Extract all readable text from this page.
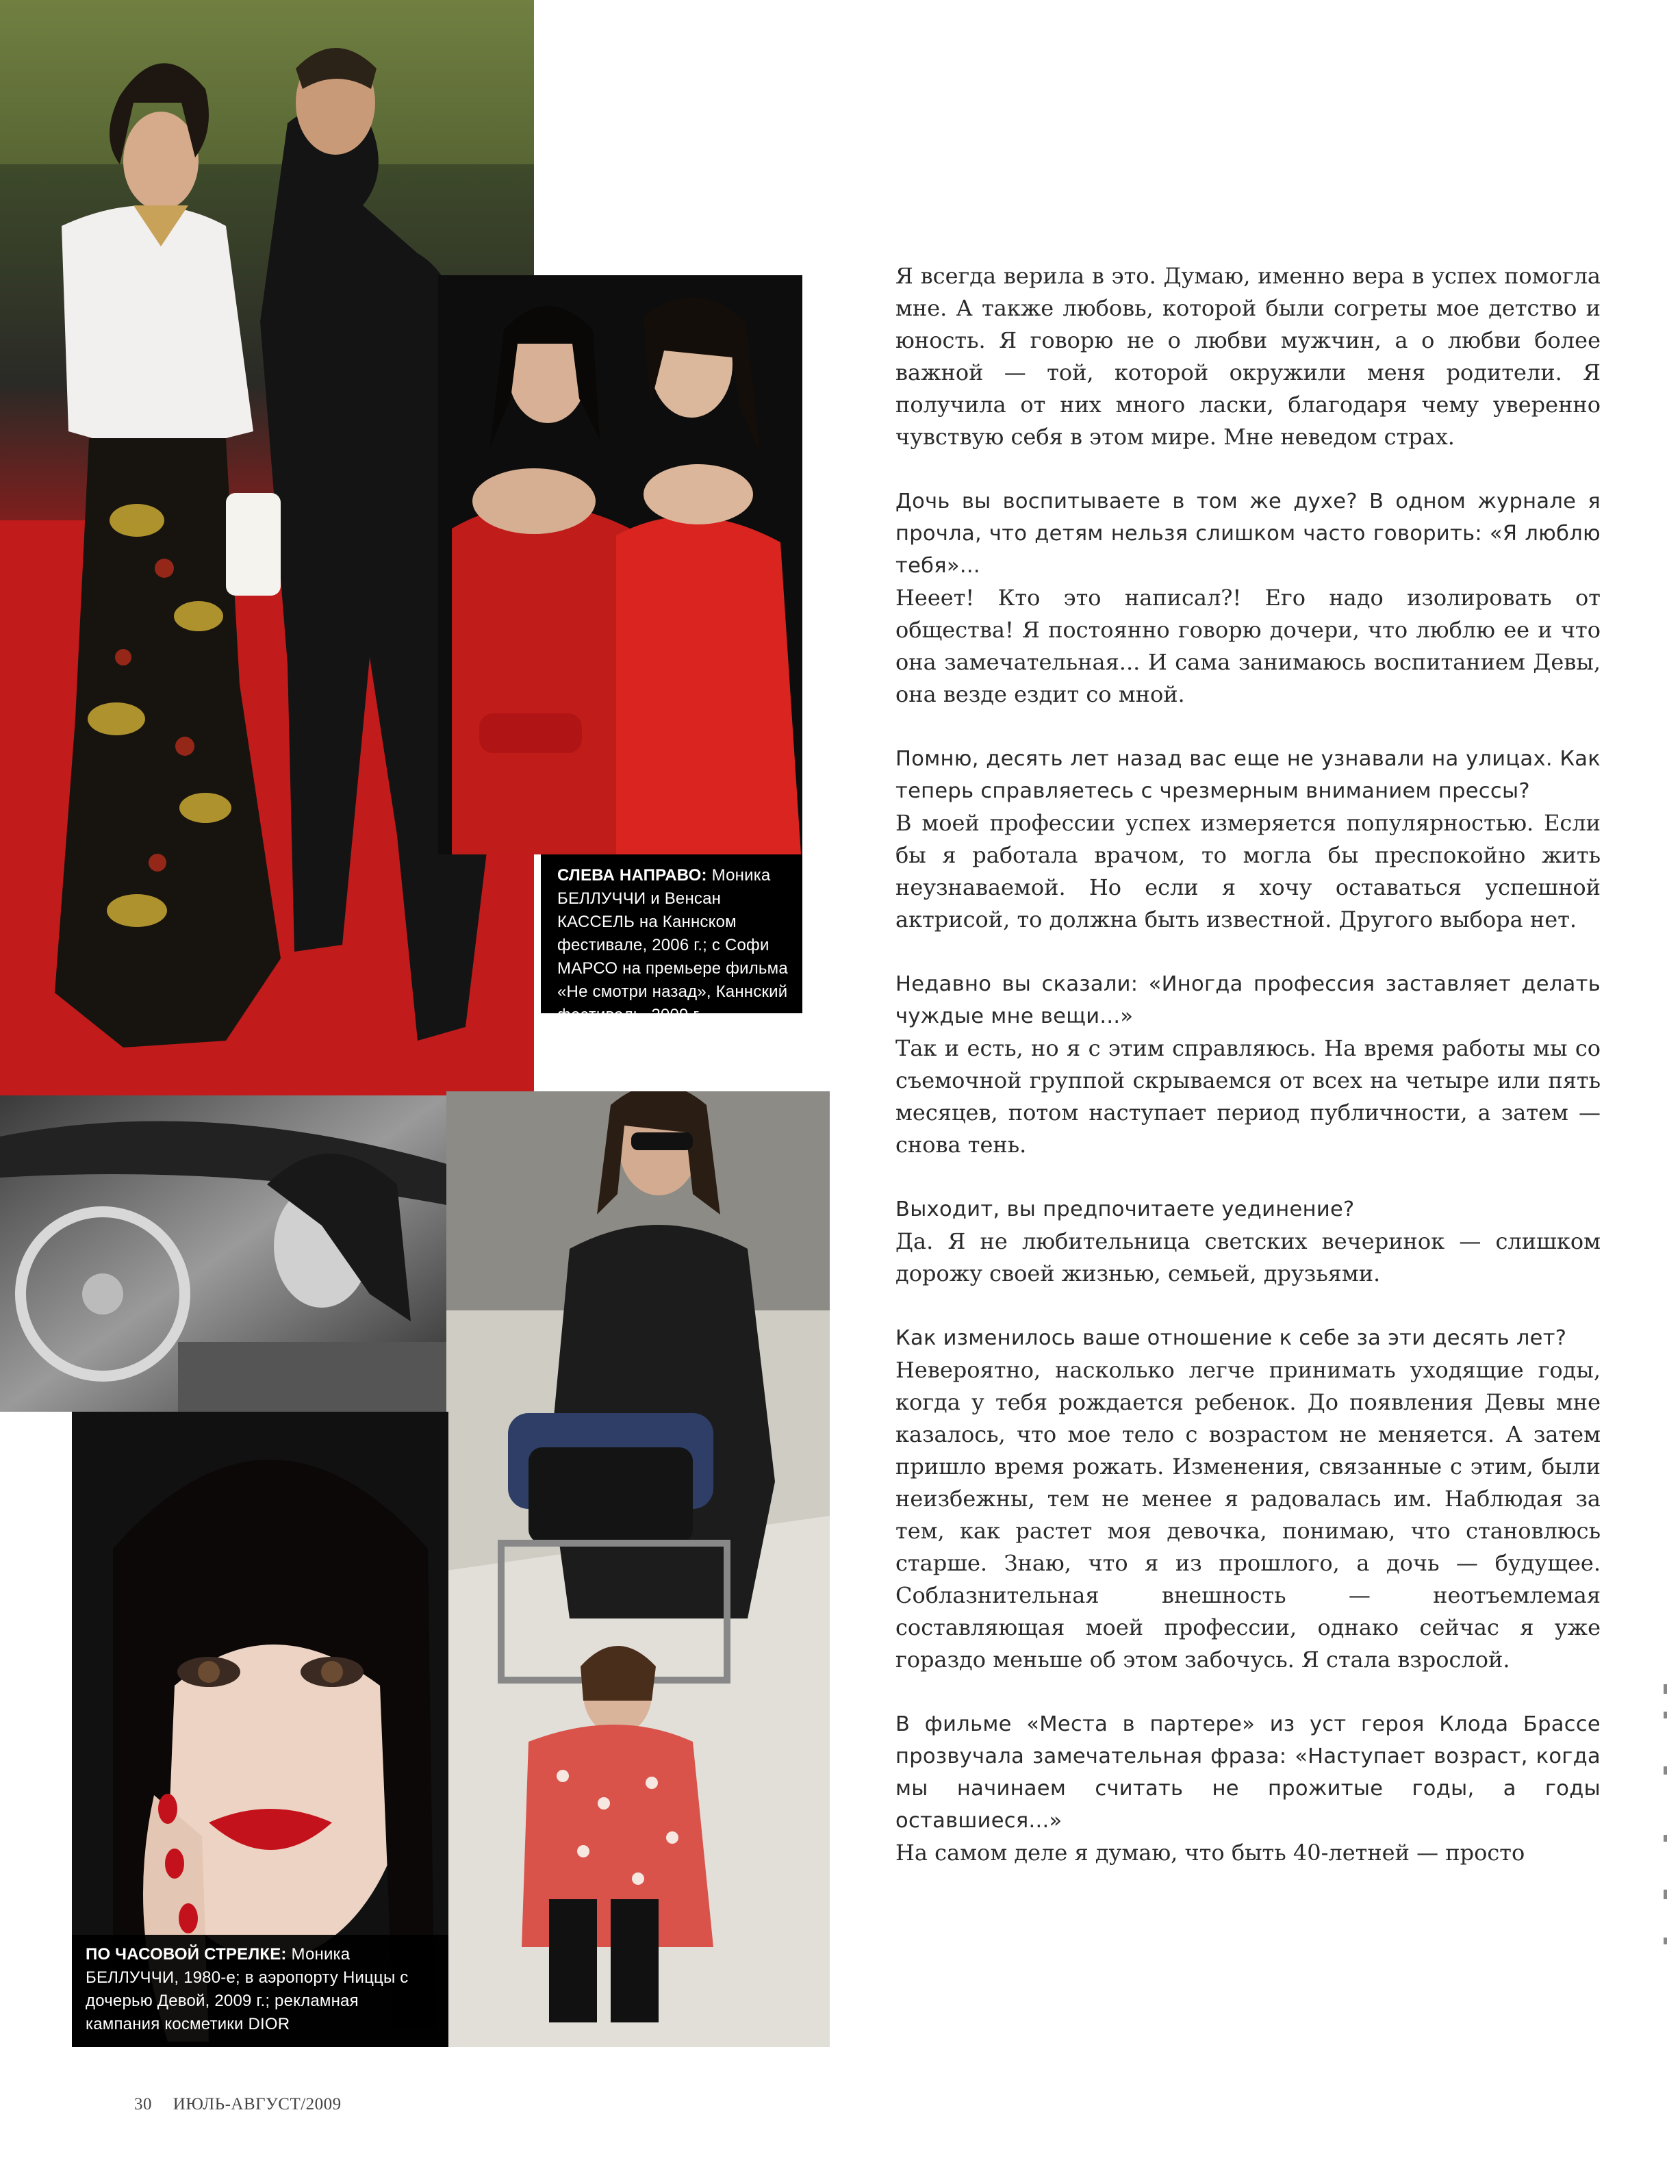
СЛЕВА НАПРАВО: Моника БЕЛЛУЧЧИ и Венсан КАССЕЛЬ на Каннском фестивале, 2006 г.; с Софи МАРСО на премьере фильма «Не смотри назад», Каннский фестиваль, 2009 г.
ПО ЧАСОВОЙ СТРЕЛКЕ: Моника БЕЛЛУЧЧИ, 1980-е; в аэропорту Ниццы с дочерью Девой, 2009 г.; рекламная кампания косметики DIOR

Я всегда верила в это. Думаю, именно вера в успех помогла мне. А также любовь, которой были согреты мое детство и юность. Я говорю не о любви мужчин, а о любви более важной — той, которой окружили меня родители. Я получила от них много ласки, благодаря чему уверенно чувствую себя в этом мире. Мне неведом страх.

Дочь вы воспитываете в том же духе? В одном журнале я прочла, что детям нельзя слишком часто говорить: «Я люблю тебя»...
Нееет! Кто это написал?! Его надо изолировать от общества! Я постоянно говорю дочери, что люблю ее и что она замечательная... И сама занимаюсь воспитанием Девы, она везде ездит со мной.

Помню, десять лет назад вас еще не узнавали на улицах. Как теперь справляетесь с чрезмерным вниманием прессы?
В моей профессии успех измеряется популярностью. Если бы я работала врачом, то могла бы преспокойно жить неузнаваемой. Но если я хочу оставаться успешной актрисой, то должна быть известной. Другого выбора нет.

Недавно вы сказали: «Иногда профессия заставляет делать чуждые мне вещи...»
Так и есть, но я с этим справляюсь. На время работы мы со съемочной группой скрываемся от всех на четыре или пять месяцев, потом наступает период публичности, а затем — снова тень.

Выходит, вы предпочитаете уединение?
Да. Я не любительница светских вечеринок — слишком дорожу своей жизнью, семьей, друзьями.

Как изменилось ваше отношение к себе за эти десять лет?
Невероятно, насколько легче принимать уходящие годы, когда у тебя рождается ребенок. До появления Девы мне казалось, что мое тело с возрастом не меняется. А затем пришло время рожать. Изменения, связанные с этим, были неизбежны, тем не менее я радовалась им. Наблюдая за тем, как растет моя девочка, понимаю, что становлюсь старше. Знаю, что я из прошлого, а дочь — будущее. Соблазнительная внешность — неотъемлемая составляющая моей профессии, однако сейчас я уже гораздо меньше об этом забочусь. Я стала взрослой.

В фильме «Места в партере» из уст героя Клода Брассе прозвучала замечательная фраза: «Наступает возраст, когда мы начинаем считать не прожитые годы, а годы оставшиеся...»
На самом деле я думаю, что быть 40-летней — просто

30 ИЮЛЬ-АВГУСТ/2009
